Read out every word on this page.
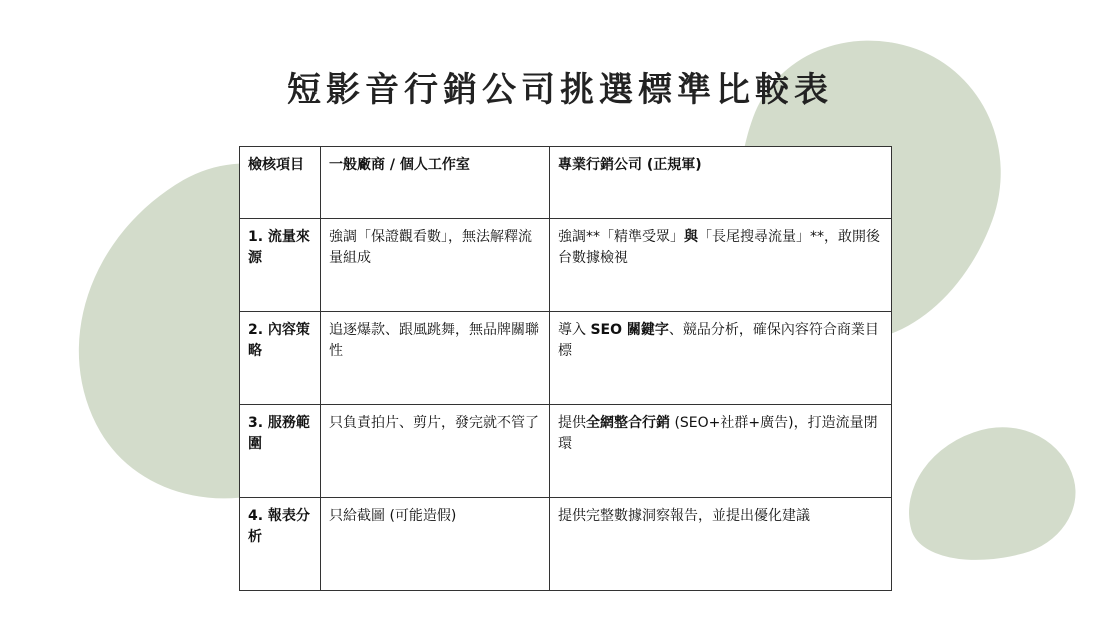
短影音行銷公司挑選標準比較表
檢核項目	一般廠商 / 個人工作室	專業行銷公司 (正規軍)
1. 流量來源	強調「保證觀看數」，無法解釋流量組成	強調**「精準受眾」與「長尾搜尋流量」**，敢開後台數據檢視
2. 內容策略	追逐爆款、跟風跳舞，無品牌關聯性	導入 SEO 關鍵字、競品分析，確保內容符合商業目標
3. 服務範圍	只負責拍片、剪片，發完就不管了	提供全網整合行銷 (SEO+社群+廣告)，打造流量閉環
4. 報表分析	只給截圖 (可能造假)	提供完整數據洞察報告，並提出優化建議
